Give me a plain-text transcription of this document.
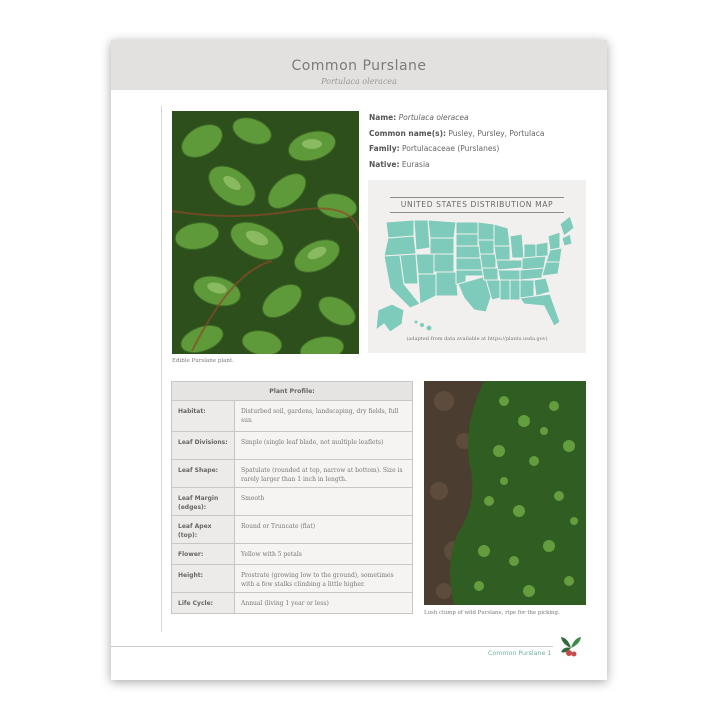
Common Purslane
Portulaca oleracea
Edible Purslane plant.
Name: Portulaca oleracea
Common name(s): Pusley, Pursley, Portulaca
Family: Portulacaceae (Purslanes)
Native: Eurasia
UNITED STATES DISTRIBUTION MAP
(adapted from data available at https://plants.usda.gov)
Plant Profile:	
Habitat:	Disturbed soil, gardens, landscaping, dry fields, full sun
Leaf Divisions:	Simple (single leaf blade, not multiple leaflets)
Leaf Shape:	Spatulate (rounded at top, narrow at bottom). Size is rarely larger than 1 inch in length.
Leaf Margin (edges):	Smooth
Leaf Apex (top):	Round or Truncate (flat)
Flower:	Yellow with 5 petals
Height:	Prostrate (growing low to the ground), sometimes with a few stalks climbing a little higher.
Life Cycle:	Annual (living 1 year or less)
Lush clump of wild Purslane, ripe for the picking.
Common Purslane 1
